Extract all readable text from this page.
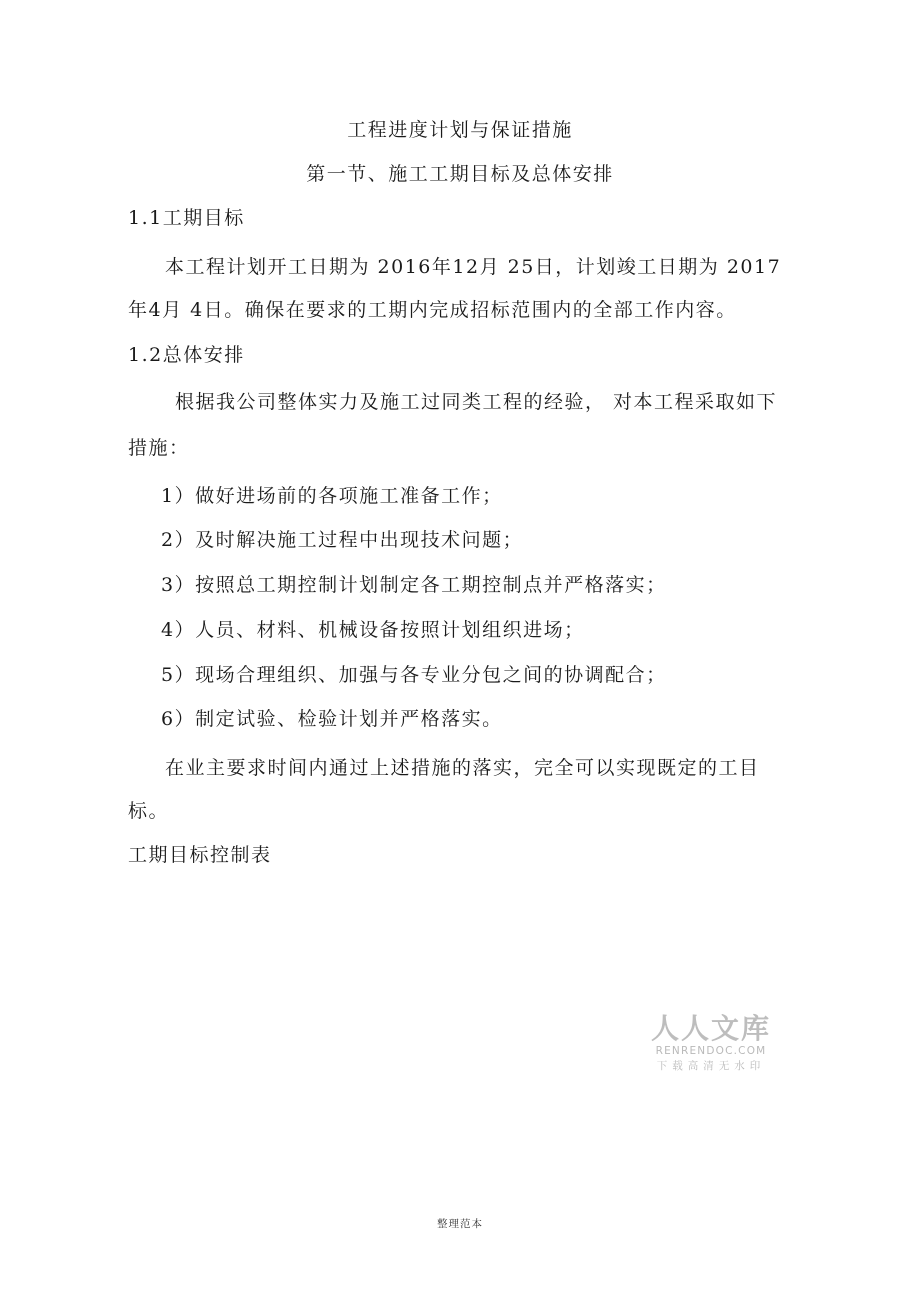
工程进度计划与保证措施
第一节、施工工期目标及总体安排
1.1工期目标
本工程计划开工日期为 2016年12月 25日，计划竣工日期为 2017
年4月 4日。确保在要求的工期内完成招标范围内的全部工作内容。
1.2总体安排
根据我公司整体实力及施工过同类工程的经验， 对本工程采取如下
措施：
1）做好进场前的各项施工准备工作；
2）及时解决施工过程中出现技术问题；
3）按照总工期控制计划制定各工期控制点并严格落实；
4）人员、材料、机械设备按照计划组织进场；
5）现场合理组织、加强与各专业分包之间的协调配合；
6）制定试验、检验计划并严格落实。
在业主要求时间内通过上述措施的落实，完全可以实现既定的工目
标。
工期目标控制表
人人文库
RENRENDOC.COM
下载高清无水印
整理范本
